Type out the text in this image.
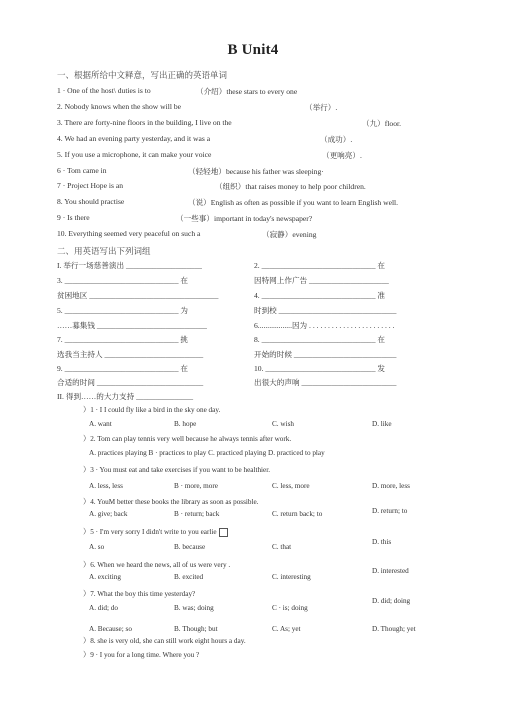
B Unit4
一、根据所给中文释意，写出正确的英语单词
1 · One of the host\ duties is to	（介绍）these stars to every one
2. Nobody knows when the show will be	（举行）.
3. There are forty-nine floors in the building, I live on the	（九）floor.
4. We had an evening party yesterday, and it was a	（成功）.
5. If you use a microphone, it can make your voice	（更响亮）.
6 · Tom came in	（轻轻地）because his father was sleeping·
7 · Project Hope is an	（组织）that raises money to help poor children.
8. You should practise	（说）English as often as possible if you want to learn English well.
9 · Is there	（一些事）important in today's newspaper?
10. Everything seemed very peaceful on such a	（寂静）evening
二、用英语写出下列词组
I. 举行一场慈善演出 ____________________
3. ______________________________ 在
贫困地区 __________________________________
5. ______________________________ 为
……募集钱 _____________________________
7. ______________________________ 挑
选我当主持人 __________________________
9. ______________________________ 在
合适的时间 ____________________________
II. 得到……的大力支持 _______________
2. ______________________________ 在
因特网上作广告 _____________________
4. ______________________________ 准
时到校 _______________________________
6..................因为 . . . . . . . . . . . . . . . . . . . . . . .
8. ______________________________ 在
开始的时候 ___________________________
10. _____________________________ 发
出很大的声响 _________________________
）1 · I I could fly like a bird in the sky one day.
A. want	B. hope	C. wish	D. like
）2. Tom can play tennis very well because he always tennis after work.
A. practices playing B · practices to play C. practiced playing D. practiced to play
）3 · You must eat and take exercises if you want to be healthier.
A. less, less	B · more, more	C. less, more	D. more, less
）4. YouM better these books the library as soon as possible.
A. give; back	B · return; back	C. return back; to	D. return; to
）5 · I'm very sorry I didn't write to you earlie
A. so	B. because	C. that
D. this
）6. When we heard the news, all of us were very .
A. exciting	B. excited	C. interesting
D. interested
）7. What the boy this time yesterday?
A. did; do	B. was; doing	C · is; doing
D. did; doing
A. Because; so	B. Though; but	C. As; yet	D. Though; yet
）8. she is very old, she can still work eight hours a day.
）9 · I you for a long time. Where you ?
